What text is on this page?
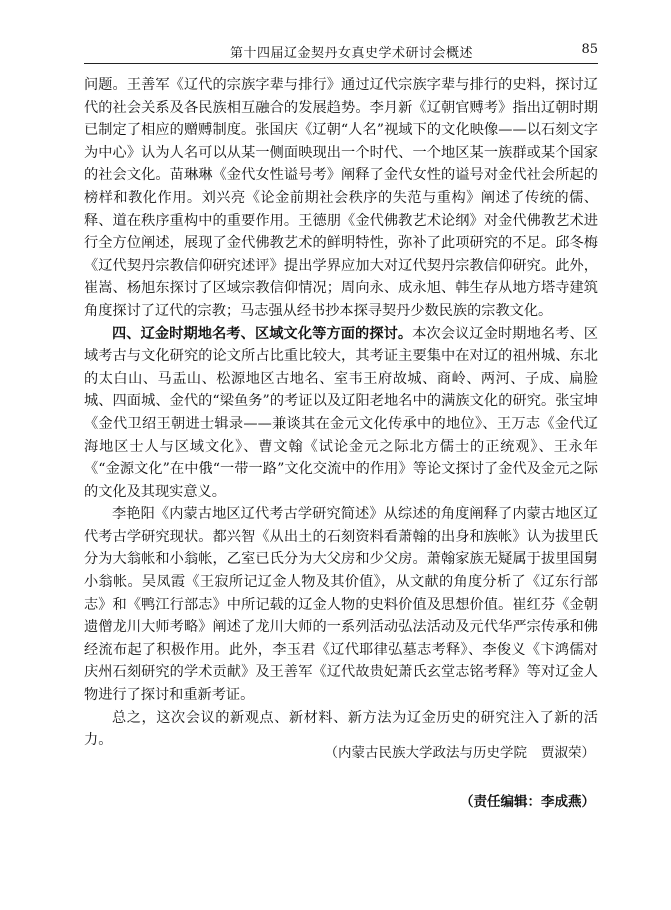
第十四届辽金契丹女真史学术研讨会概述	85

问题。王善军《辽代的宗族字辈与排行》通过辽代宗族字辈与排行的史料，探讨辽代的社会关系及各民族相互融合的发展趋势。李月新《辽朝官赙考》指出辽朝时期已制定了相应的赠赙制度。张国庆《辽朝“人名”视域下的文化映像——以石刻文字为中心》认为人名可以从某一侧面映现出一个时代、一个地区某一族群或某个国家的社会文化。苗琳琳《金代女性谥号考》阐释了金代女性的谥号对金代社会所起的榜样和教化作用。刘兴亮《论金前期社会秩序的失范与重构》阐述了传统的儒、释、道在秩序重构中的重要作用。王德朋《金代佛教艺术论纲》对金代佛教艺术进行全方位阐述，展现了金代佛教艺术的鲜明特性，弥补了此项研究的不足。邱冬梅《辽代契丹宗教信仰研究述评》提出学界应加大对辽代契丹宗教信仰研究。此外，崔嵩、杨旭东探讨了区域宗教信仰情况；周向永、成永旭、韩生存从地方塔寺建筑角度探讨了辽代的宗教；马志强从经书抄本探寻契丹少数民族的宗教文化。

四、辽金时期地名考、区域文化等方面的探讨。本次会议辽金时期地名考、区域考古与文化研究的论文所占比重比较大，其考证主要集中在对辽的祖州城、东北的太白山、马盂山、松源地区古地名、室韦王府故城、商岭、两河、子成、扁脸城、四面城、金代的“梁鱼务”的考证以及辽阳老地名中的满族文化的研究。张宝坤《金代卫绍王朝进士辑录——兼谈其在金元文化传承中的地位》、王万志《金代辽海地区士人与区域文化》、曹文翰《试论金元之际北方儒士的正统观》、王永年《“金源文化”在中俄“一带一路”文化交流中的作用》等论文探讨了金代及金元之际的文化及其现实意义。

李艳阳《内蒙古地区辽代考古学研究简述》从综述的角度阐释了内蒙古地区辽代考古学研究现状。都兴智《从出土的石刻资料看萧翰的出身和族帐》认为拔里氏分为大翁帐和小翁帐，乙室已氏分为大父房和少父房。萧翰家族无疑属于拔里国舅小翁帐。吴凤霞《王寂所记辽金人物及其价值》，从文献的角度分析了《辽东行部志》和《鸭江行部志》中所记载的辽金人物的史料价值及思想价值。崔红芬《金朝遗僧龙川大师考略》阐述了龙川大师的一系列活动弘法活动及元代华严宗传承和佛经流布起了积极作用。此外，李玉君《辽代耶律弘墓志考释》、李俊义《卞鸿儒对庆州石刻研究的学术贡献》及王善军《辽代故贵妃萧氏玄堂志铭考释》等对辽金人物进行了探讨和重新考证。

总之，这次会议的新观点、新材料、新方法为辽金历史的研究注入了新的活力。

（内蒙古民族大学政法与历史学院 贾淑荣）
（责任编辑：李成燕）
